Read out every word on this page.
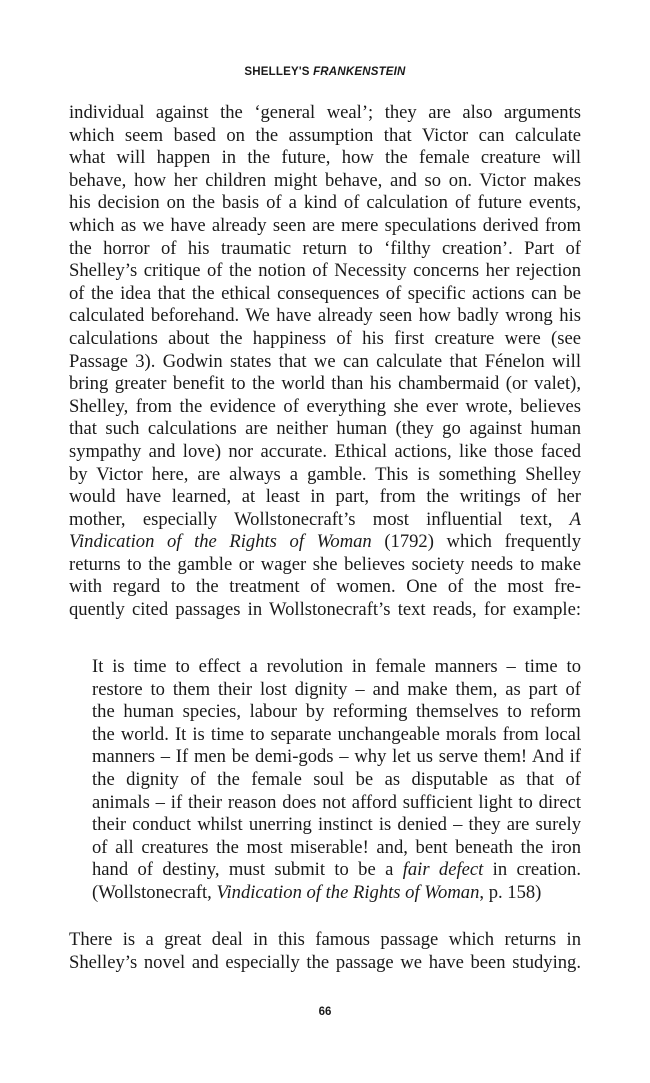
SHELLEY'S FRANKENSTEIN

individual against the ‘general weal’; they are also arguments
which seem based on the assumption that Victor can calculate
what will happen in the future, how the female creature will
behave, how her children might behave, and so on. Victor makes
his decision on the basis of a kind of calculation of future events,
which as we have already seen are mere speculations derived from
the horror of his traumatic return to ‘filthy creation’. Part of
Shelley’s critique of the notion of Necessity concerns her rejection
of the idea that the ethical consequences of specific actions can be
calculated beforehand. We have already seen how badly wrong his
calculations about the happiness of his first creature were (see
Passage 3). Godwin states that we can calculate that Fénelon will
bring greater benefit to the world than his chambermaid (or valet),
Shelley, from the evidence of everything she ever wrote, believes
that such calculations are neither human (they go against human
sympathy and love) nor accurate. Ethical actions, like those faced
by Victor here, are always a gamble. This is something Shelley
would have learned, at least in part, from the writings of her
mother, especially Wollstonecraft’s most influential text, A
Vindication of the Rights of Woman (1792) which frequently
returns to the gamble or wager she believes society needs to make
with regard to the treatment of women. One of the most fre-
quently cited passages in Wollstonecraft’s text reads, for example:

It is time to effect a revolution in female manners – time to
restore to them their lost dignity – and make them, as part of
the human species, labour by reforming themselves to reform
the world. It is time to separate unchangeable morals from local
manners – If men be demi-gods – why let us serve them! And if
the dignity of the female soul be as disputable as that of
animals – if their reason does not afford sufficient light to direct
their conduct whilst unerring instinct is denied – they are surely
of all creatures the most miserable! and, bent beneath the iron
hand of destiny, must submit to be a fair defect in creation.
(Wollstonecraft, Vindication of the Rights of Woman, p. 158)

There is a great deal in this famous passage which returns in
Shelley’s novel and especially the passage we have been studying.

66
